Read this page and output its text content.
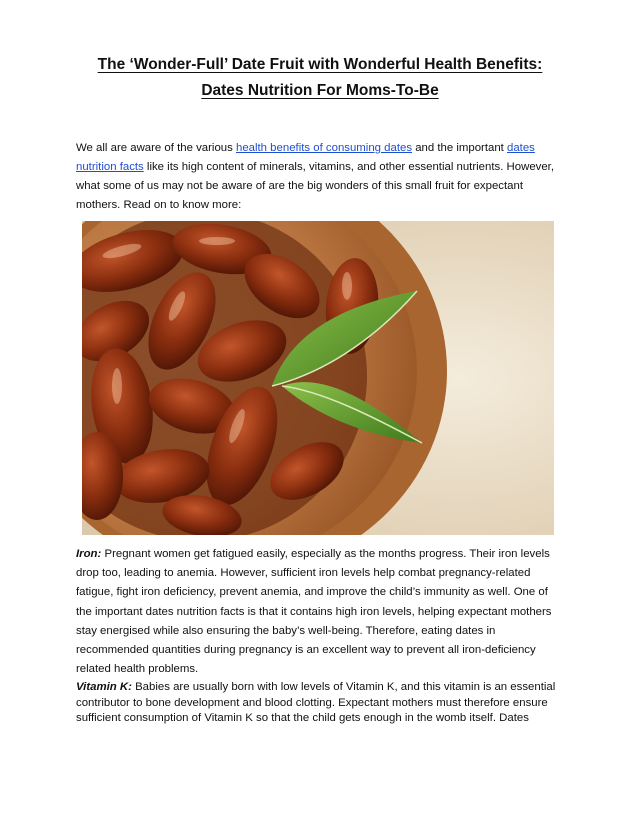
The ‘Wonder-Full’ Date Fruit with Wonderful Health Benefits:
Dates Nutrition For Moms-To-Be

We all are aware of the various health benefits of consuming dates and the important dates nutrition facts like its high content of minerals, vitamins, and other essential nutrients. However, what some of us may not be aware of are the big wonders of this small fruit for expectant mothers. Read on to know more:

Iron: Pregnant women get fatigued easily, especially as the months progress. Their iron levels drop too, leading to anemia. However, sufficient iron levels help combat pregnancy-related fatigue, fight iron deficiency, prevent anemia, and improve the child’s immunity as well. One of the important dates nutrition facts is that it contains high iron levels, helping expectant mothers stay energised while also ensuring the baby’s well-being. Therefore, eating dates in recommended quantities during pregnancy is an excellent way to prevent all iron-deficiency related health problems.

Vitamin K: Babies are usually born with low levels of Vitamin K, and this vitamin is an essential contributor to bone development and blood clotting. Expectant mothers must therefore ensure sufficient consumption of Vitamin K so that the child gets enough in the womb itself. Dates
